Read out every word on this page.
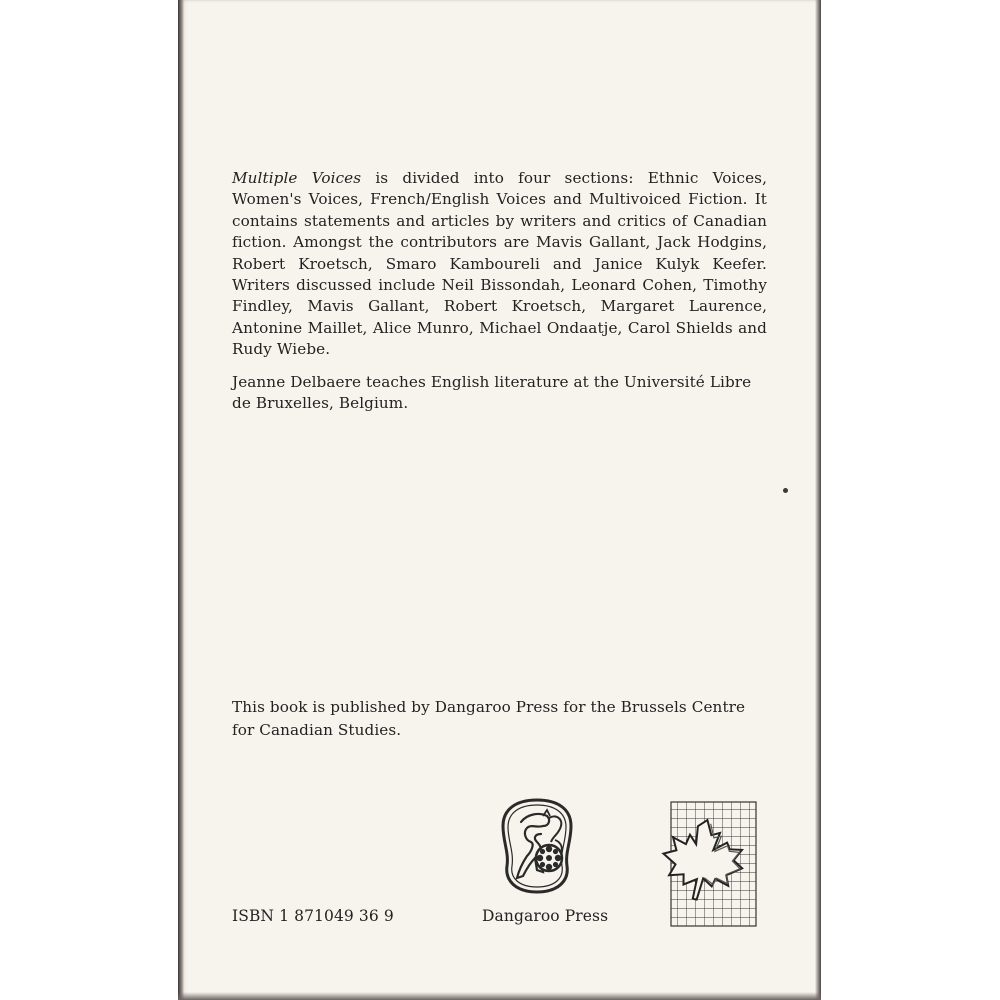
Multiple Voices is divided into four sections: Ethnic Voices, Women's Voices, French/English Voices and Multivoiced Fiction. It contains statements and articles by writers and critics of Canadian fiction. Amongst the contributors are Mavis Gallant, Jack Hodgins, Robert Kroetsch, Smaro Kamboureli and Janice Kulyk Keefer. Writers discussed include Neil Bissondah, Leonard Cohen, Timothy Findley, Mavis Gallant, Robert Kroetsch, Margaret Laurence, Antonine Maillet, Alice Munro, Michael Ondaatje, Carol Shields and Rudy Wiebe.

Jeanne Delbaere teaches English literature at the Université Libre de Bruxelles, Belgium.

This book is published by Dangaroo Press for the Brussels Centre for Canadian Studies.

ISBN 1 871049 36 9	Dangaroo Press
